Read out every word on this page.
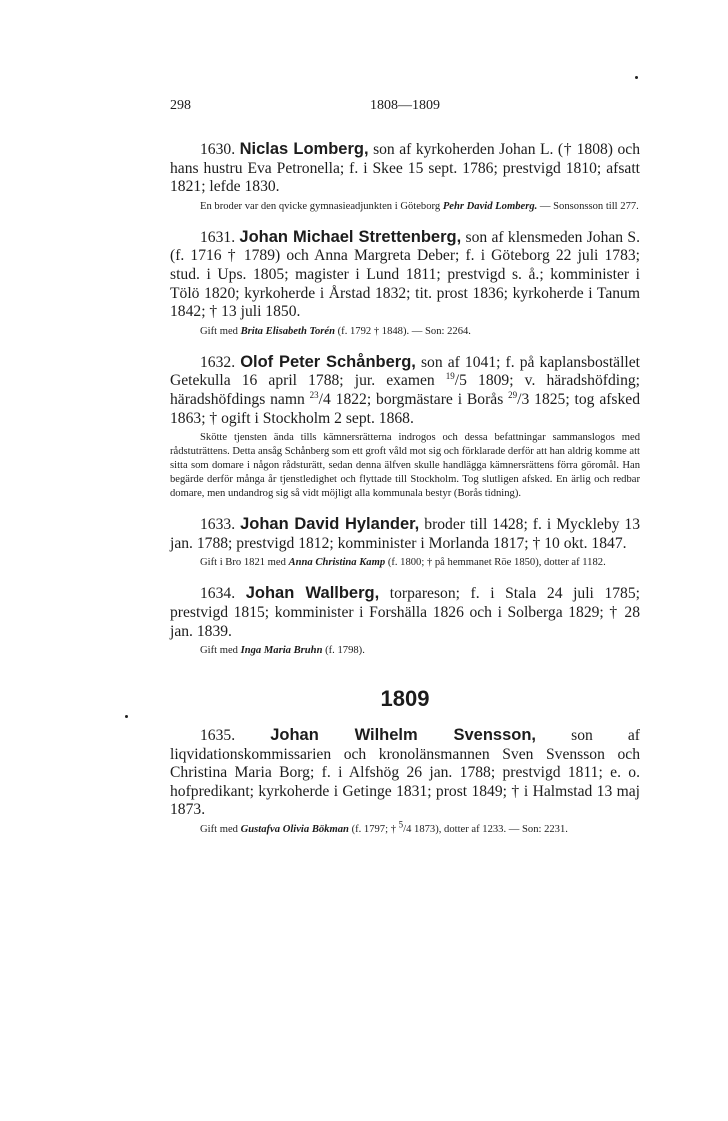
298	1808—1809

1630. Niclas Lomberg, son af kyrkoherden Johan L. († 1808) och hans hustru Eva Petronella; f. i Skee 15 sept. 1786; prestvigd 1810; afsatt 1821; lefde 1830.

En broder var den qvicke gymnasieadjunkten i Göteborg Pehr David Lomberg. — Sonsonsson till 277.

1631. Johan Michael Strettenberg, son af klensmeden Johan S. (f. 1716 † 1789) och Anna Margreta Deber; f. i Göteborg 22 juli 1783; stud. i Ups. 1805; magister i Lund 1811; prestvigd s. å.; komminister i Tölö 1820; kyrkoherde i Årstad 1832; tit. prost 1836; kyrkoherde i Tanum 1842; † 13 juli 1850.

Gift med Brita Elisabeth Torén (f. 1792 † 1848). — Son: 2264.

1632. Olof Peter Schånberg, son af 1041; f. på kaplansbostället Getekulla 16 april 1788; jur. examen $^{19}$/5 1809; v. häradshöfding; häradshöfdings namn $^{23}$/4 1822; borgmästare i Borås $^{29}$/3 1825; tog afsked 1863; † ogift i Stockholm 2 sept. 1868.

Skötte tjensten ända tills kämnersrätterna indrogos och dessa befattningar sammanslogos med rådstuträttens. Detta ansåg Schånberg som ett groft våld mot sig och förklarade derför att han aldrig komme att sitta som domare i någon rådsturätt, sedan denna älfven skulle handlägga kämnersrättens förra göromål. Han begärde derför många år tjenstledighet och flyttade till Stockholm. Tog slutligen afsked. En ärlig och redbar domare, men undandrog sig så vidt möjligt alla kommunala bestyr (Borås tidning).

1633. Johan David Hylander, broder till 1428; f. i Myckleby 13 jan. 1788; prestvigd 1812; komminister i Morlanda 1817; † 10 okt. 1847.

Gift i Bro 1821 med Anna Christina Kamp (f. 1800; † på hemmanet Röe 1850), dotter af 1182.

1634. Johan Wallberg, torpareson; f. i Stala 24 juli 1785; prestvigd 1815; komminister i Forshälla 1826 och i Solberga 1829; † 28 jan. 1839.

Gift med Inga Maria Bruhn (f. 1798).

1809

1635. Johan Wilhelm Svensson, son af liqvidationskommissarien och kronolänsmannen Sven Svensson och Christina Maria Borg; f. i Alfshög 26 jan. 1788; prestvigd 1811; e. o. hofpredikant; kyrkoherde i Getinge 1831; prost 1849; † i Halmstad 13 maj 1873.

Gift med Gustafva Olivia Bökman (f. 1797; † $^5$/4 1873), dotter af 1233. — Son: 2231.
